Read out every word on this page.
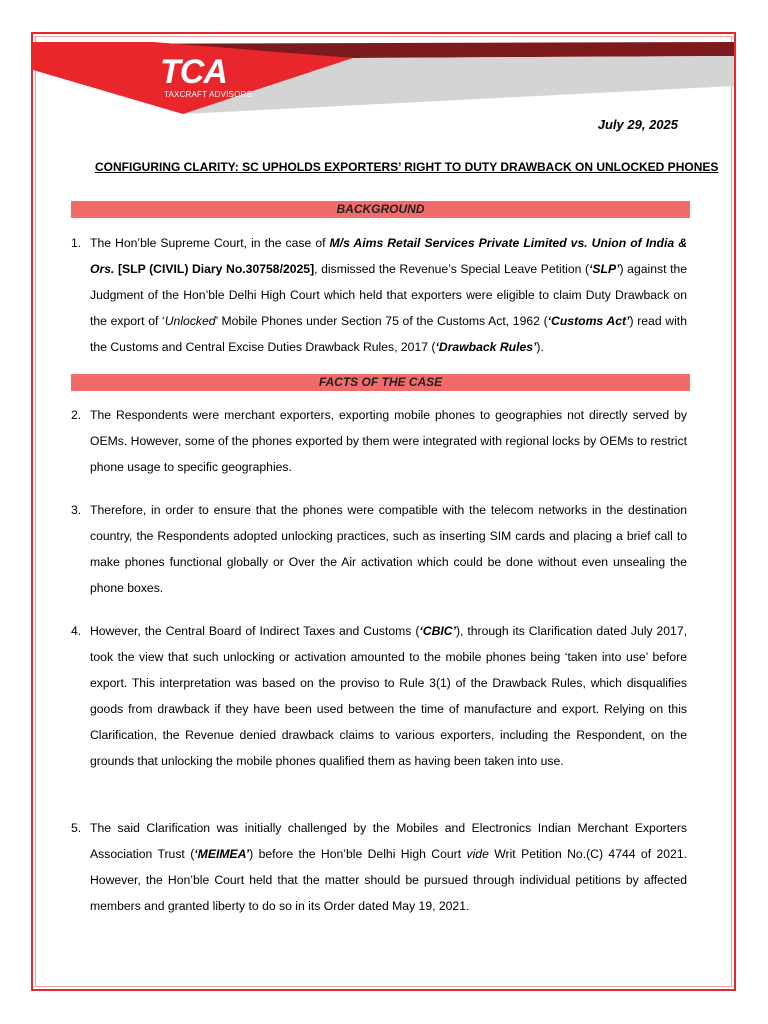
TCA
TAXCRAFT ADVISORS
July 29, 2025
CONFIGURING CLARITY: SC UPHOLDS EXPORTERS’ RIGHT TO DUTY DRAWBACK ON UNLOCKED PHONES
BACKGROUND
1. The Hon’ble Supreme Court, in the case of M/s Aims Retail Services Private Limited vs. Union of India & Ors. [SLP (CIVIL) Diary No.30758/2025], dismissed the Revenue’s Special Leave Petition (‘SLP’) against the Judgment of the Hon’ble Delhi High Court which held that exporters were eligible to claim Duty Drawback on the export of ‘Unlocked’ Mobile Phones under Section 75 of the Customs Act, 1962 (‘Customs Act’) read with the Customs and Central Excise Duties Drawback Rules, 2017 (‘Drawback Rules’).
FACTS OF THE CASE
2. The Respondents were merchant exporters, exporting mobile phones to geographies not directly served by OEMs. However, some of the phones exported by them were integrated with regional locks by OEMs to restrict phone usage to specific geographies.
3. Therefore, in order to ensure that the phones were compatible with the telecom networks in the destination country, the Respondents adopted unlocking practices, such as inserting SIM cards and placing a brief call to make phones functional globally or Over the Air activation which could be done without even unsealing the phone boxes.
4. However, the Central Board of Indirect Taxes and Customs (‘CBIC’), through its Clarification dated July 2017, took the view that such unlocking or activation amounted to the mobile phones being ‘taken into use’ before export. This interpretation was based on the proviso to Rule 3(1) of the Drawback Rules, which disqualifies goods from drawback if they have been used between the time of manufacture and export. Relying on this Clarification, the Revenue denied drawback claims to various exporters, including the Respondent, on the grounds that unlocking the mobile phones qualified them as having been taken into use.
5. The said Clarification was initially challenged by the Mobiles and Electronics Indian Merchant Exporters Association Trust (‘MEIMEA’) before the Hon’ble Delhi High Court vide Writ Petition No.(C) 4744 of 2021. However, the Hon’ble Court held that the matter should be pursued through individual petitions by affected members and granted liberty to do so in its Order dated May 19, 2021.
